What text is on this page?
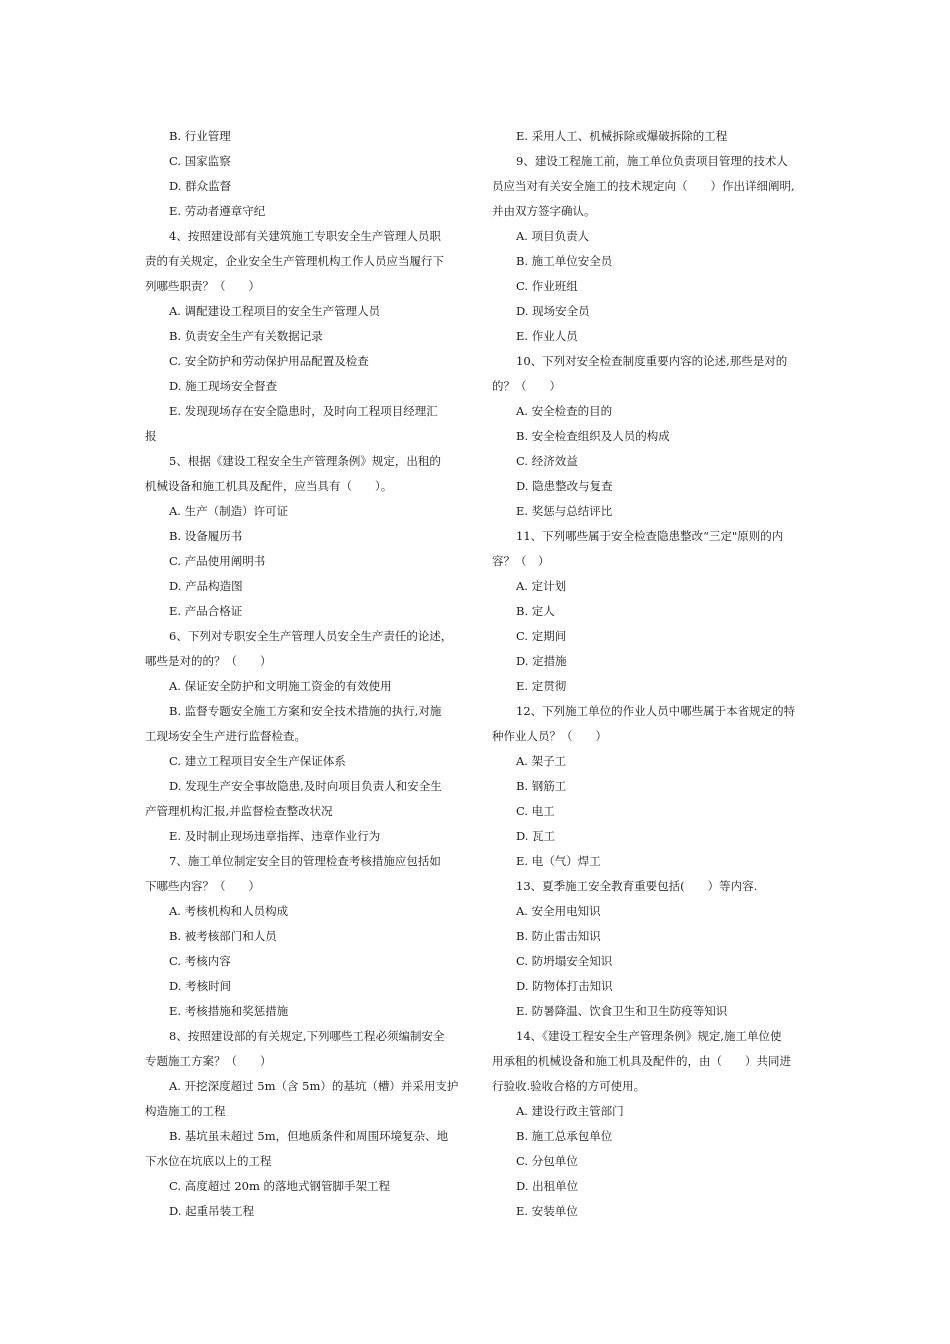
B. 行业管理
C. 国家监察
D. 群众监督
E. 劳动者遵章守纪
4、按照建设部有关建筑施工专职安全生产管理人员职
责的有关规定，企业安全生产管理机构工作人员应当履行下
列哪些职责？（　　）
A. 调配建设工程项目的安全生产管理人员
B. 负责安全生产有关数据记录
C. 安全防护和劳动保护用品配置及检查
D. 施工现场安全督查
E. 发现现场存在安全隐患时，及时向工程项目经理汇
报
5、根据《建设工程安全生产管理条例》规定，出租的
机械设备和施工机具及配件，应当具有（　　）。
A. 生产（制造）许可证
B. 设备履历书
C. 产品使用阐明书
D. 产品构造图
E. 产品合格证
6、下列对专职安全生产管理人员安全生产责任的论述，
哪些是对的的？（　　）
A. 保证安全防护和文明施工资金的有效使用
B. 监督专题安全施工方案和安全技术措施的执行,对施
工现场安全生产进行监督检查。
C. 建立工程项目安全生产保证体系
D. 发现生产安全事故隐患,及时向项目负责人和安全生
产管理机构汇报,并监督检查整改状况
E. 及时制止现场违章指挥、违章作业行为
7、施工单位制定安全目的管理检查考核措施应包括如
下哪些内容？（　　）
A. 考核机构和人员构成
B. 被考核部门和人员
C. 考核内容
D. 考核时间
E. 考核措施和奖惩措施
8、按照建设部的有关规定,下列哪些工程必须编制安全
专题施工方案？（　　）
A. 开挖深度超过 5m（含 5m）的基坑（槽）并采用支护
构造施工的工程
B. 基坑虽未超过 5m，但地质条件和周围环境复杂、地
下水位在坑底以上的工程
C. 高度超过 20m 的落地式钢管脚手架工程
D. 起重吊装工程
E. 采用人工、机械拆除或爆破拆除的工程
9、建设工程施工前，施工单位负责项目管理的技术人
员应当对有关安全施工的技术规定向（　　）作出详细阐明,
并由双方签字确认。
A. 项目负责人
B. 施工单位安全员
C. 作业班组
D. 现场安全员
E. 作业人员
10、下列对安全检查制度重要内容的论述,那些是对的
的？（　　）
A. 安全检查的目的
B. 安全检查组织及人员的构成
C. 经济效益
D. 隐患整改与复查
E. 奖惩与总结评比
11、下列哪些属于安全检查隐患整改“三定"原则的内
容？（　）
A. 定计划
B. 定人
C. 定期间
D. 定措施
E. 定贯彻
12、下列施工单位的作业人员中哪些属于本省规定的特
种作业人员？（　　）
A. 架子工
B. 钢筋工
C. 电工
D. 瓦工
E. 电（气）焊工
13、夏季施工安全教育重要包括(　　）等内容.
A. 安全用电知识
B. 防止雷击知识
C. 防坍塌安全知识
D. 防物体打击知识
E. 防暑降温、饮食卫生和卫生防疫等知识
14、《建设工程安全生产管理条例》规定,施工单位使
用承租的机械设备和施工机具及配件的，由（　　）共同进
行验收.验收合格的方可使用。
A. 建设行政主管部门
B. 施工总承包单位
C. 分包单位
D. 出租单位
E. 安装单位
